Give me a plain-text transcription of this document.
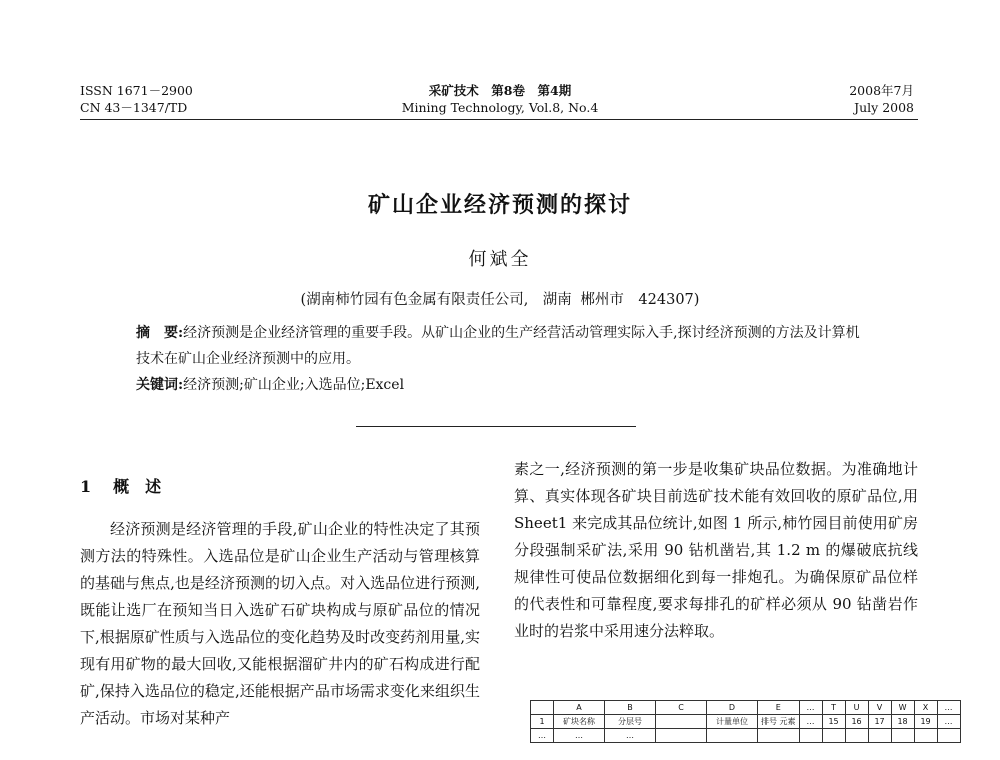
ISSN 1671－2900
CN 43－1347/TD
采矿技术　第8卷　第4期
Mining Technology, Vol.8, No.4
2008年7月
July 2008
矿山企业经济预测的探讨
何斌全
(湖南柿竹园有色金属有限责任公司,　湖南 郴州市　424307)
摘　要:经济预测是企业经济管理的重要手段。从矿山企业的生产经营活动管理实际入手,探讨经济预测的方法及计算机技术在矿山企业经济预测中的应用。
关键词:经济预测;矿山企业;入选品位;Excel
1 概　述
经济预测是经济管理的手段,矿山企业的特性决定了其预测方法的特殊性。入选品位是矿山企业生产活动与管理核算的基础与焦点,也是经济预测的切入点。对入选品位进行预测,既能让选厂在预知当日入选矿石矿块构成与原矿品位的情况下,根据原矿性质与入选品位的变化趋势及时改变药剂用量,实现有用矿物的最大回收,又能根据溜矿井内的矿石构成进行配矿,保持入选品位的稳定,还能根据产品市场需求变化来组织生产活动。市场对某种产
素之一,经济预测的第一步是收集矿块品位数据。为准确地计算、真实体现各矿块目前选矿技术能有效回收的原矿品位,用 Sheet1 来完成其品位统计,如图 1 所示,柿竹园目前使用矿房分段强制采矿法,采用 90 钻机凿岩,其 1.2 m 的爆破底抗线规律性可使品位数据细化到每一排炮孔。为确保原矿品位样的代表性和可靠程度,要求每排孔的矿样必须从 90 钻凿岩作业时的岩浆中采用速分法粹取。
	A	B	C	D	E	…	T	U	V	W	X	…
1	矿块名称	分层号		计量单位	排号 元素	…	15	16	17	18	19	…
…	…	…										
